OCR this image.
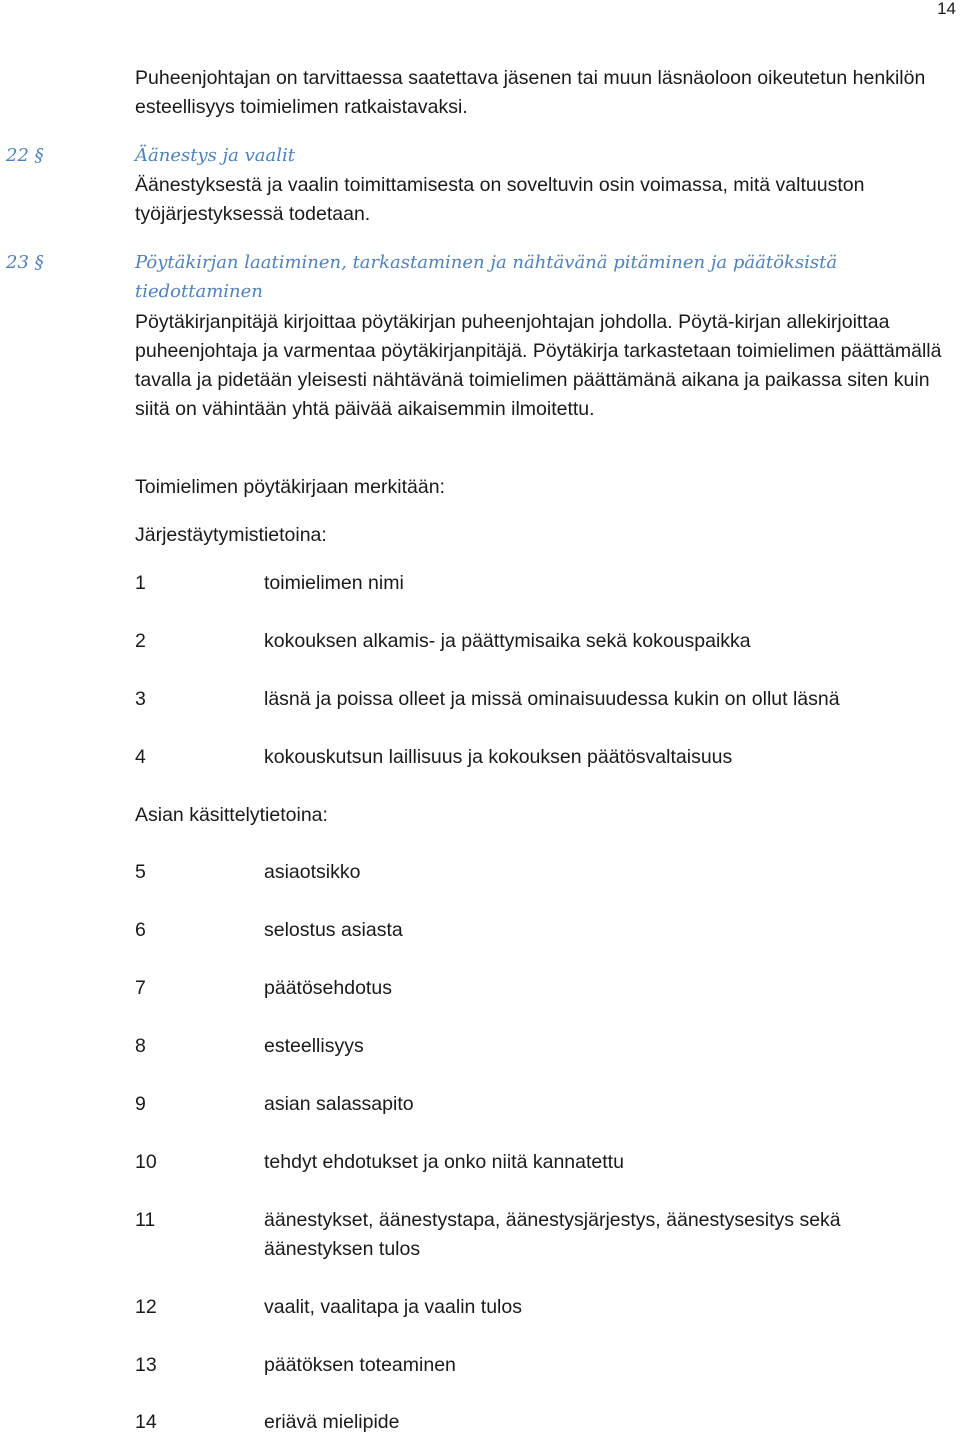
14

Puheenjohtajan on tarvittaessa saatettava jäsenen tai muun läsnäoloon oikeutetun henkilön esteellisyys toimielimen ratkaistavaksi.

22 §	Äänestys ja vaalit

Äänestyksestä ja vaalin toimittamisesta on soveltuvin osin voimassa, mitä valtuuston työjärjestyksessä todetaan.

23 §	Pöytäkirjan laatiminen, tarkastaminen ja nähtävänä pitäminen ja päätöksistä tiedottaminen

Pöytäkirjanpitäjä kirjoittaa pöytäkirjan puheenjohtajan johdolla. Pöytä-kirjan allekirjoittaa puheenjohtaja ja varmentaa pöytäkirjanpitäjä. Pöytäkirja tarkastetaan toimielimen päättämällä tavalla ja pidetään yleisesti nähtävänä toimielimen päättämänä aikana ja paikassa siten kuin siitä on vähintään yhtä päivää aikaisemmin ilmoitettu.

Toimielimen pöytäkirjaan merkitään:

Järjestäytymistietoina:

1	toimielimen nimi
2	kokouksen alkamis- ja päättymisaika sekä kokouspaikka
3	läsnä ja poissa olleet ja missä ominaisuudessa kukin on ollut läsnä
4	kokouskutsun laillisuus ja kokouksen päätösvaltaisuus

Asian käsittelytietoina:

5	asiaotsikko
6	selostus asiasta
7	päätösehdotus
8	esteellisyys
9	asian salassapito
10	tehdyt ehdotukset ja onko niitä kannatettu
11	äänestykset, äänestystapa, äänestysjärjestys, äänestysesitys sekä äänestyksen tulos
12	vaalit, vaalitapa ja vaalin tulos
13	päätöksen toteaminen
14	eriävä mielipide
